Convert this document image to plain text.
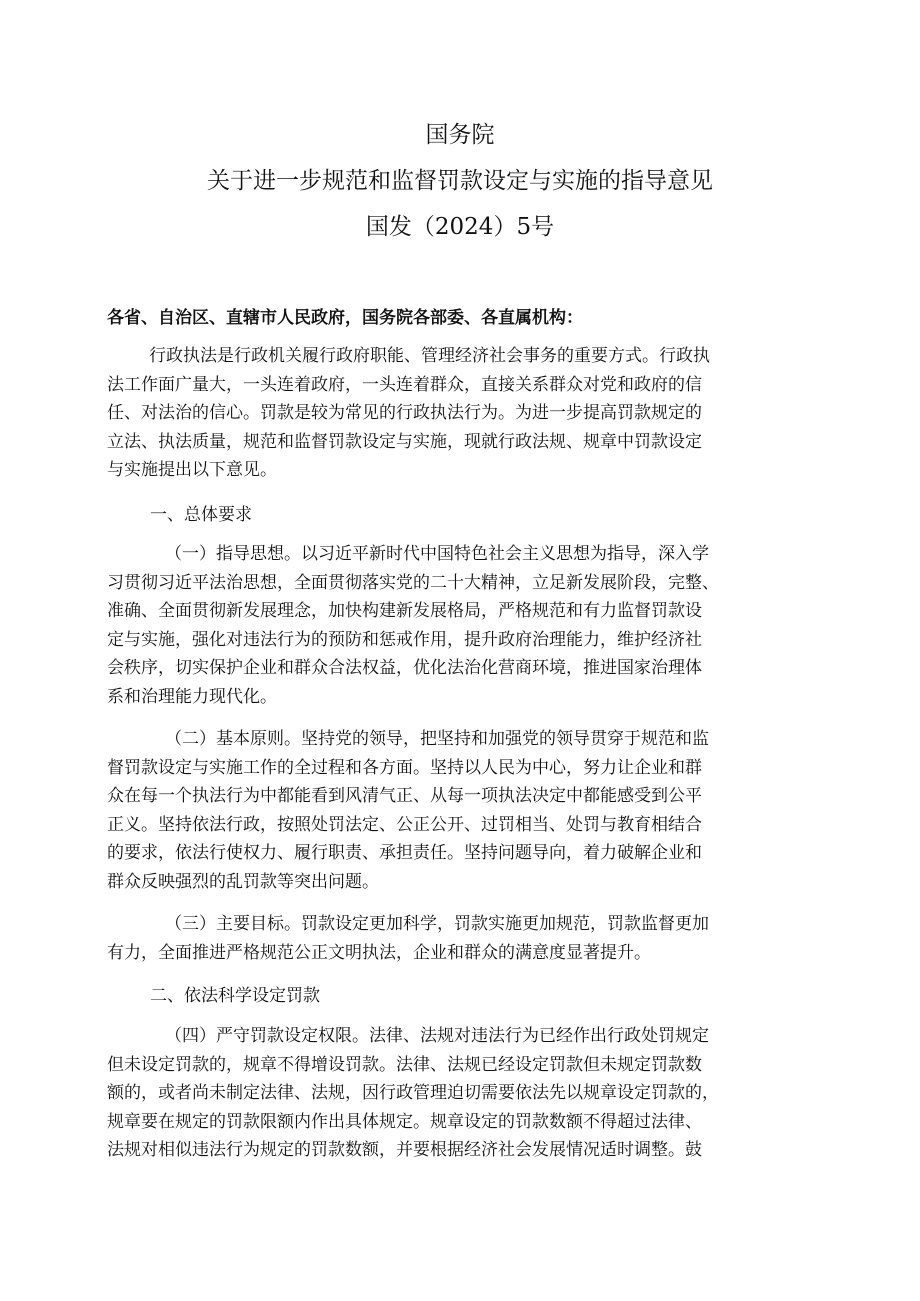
国务院
关于进一步规范和监督罚款设定与实施的指导意见
国发（2024）5号
各省、自治区、直辖市人民政府，国务院各部委、各直属机构：
行政执法是行政机关履行政府职能、管理经济社会事务的重要方式。行政执
法工作面广量大，一头连着政府，一头连着群众，直接关系群众对党和政府的信
任、对法治的信心。罚款是较为常见的行政执法行为。为进一步提高罚款规定的
立法、执法质量，规范和监督罚款设定与实施，现就行政法规、规章中罚款设定
与实施提出以下意见。
一、总体要求
（一）指导思想。以习近平新时代中国特色社会主义思想为指导，深入学
习贯彻习近平法治思想，全面贯彻落实党的二十大精神，立足新发展阶段，完整、
准确、全面贯彻新发展理念，加快构建新发展格局，严格规范和有力监督罚款设
定与实施，强化对违法行为的预防和惩戒作用，提升政府治理能力，维护经济社
会秩序，切实保护企业和群众合法权益，优化法治化营商环境，推进国家治理体
系和治理能力现代化。
（二）基本原则。坚持党的领导，把坚持和加强党的领导贯穿于规范和监
督罚款设定与实施工作的全过程和各方面。坚持以人民为中心，努力让企业和群
众在每一个执法行为中都能看到风清气正、从每一项执法决定中都能感受到公平
正义。坚持依法行政，按照处罚法定、公正公开、过罚相当、处罚与教育相结合
的要求，依法行使权力、履行职责、承担责任。坚持问题导向，着力破解企业和
群众反映强烈的乱罚款等突出问题。
（三）主要目标。罚款设定更加科学，罚款实施更加规范，罚款监督更加
有力，全面推进严格规范公正文明执法，企业和群众的满意度显著提升。
二、依法科学设定罚款
（四）严守罚款设定权限。法律、法规对违法行为已经作出行政处罚规定
但未设定罚款的，规章不得增设罚款。法律、法规已经设定罚款但未规定罚款数
额的，或者尚未制定法律、法规，因行政管理迫切需要依法先以规章设定罚款的，
规章要在规定的罚款限额内作出具体规定。规章设定的罚款数额不得超过法律、
法规对相似违法行为规定的罚款数额，并要根据经济社会发展情况适时调整。鼓
